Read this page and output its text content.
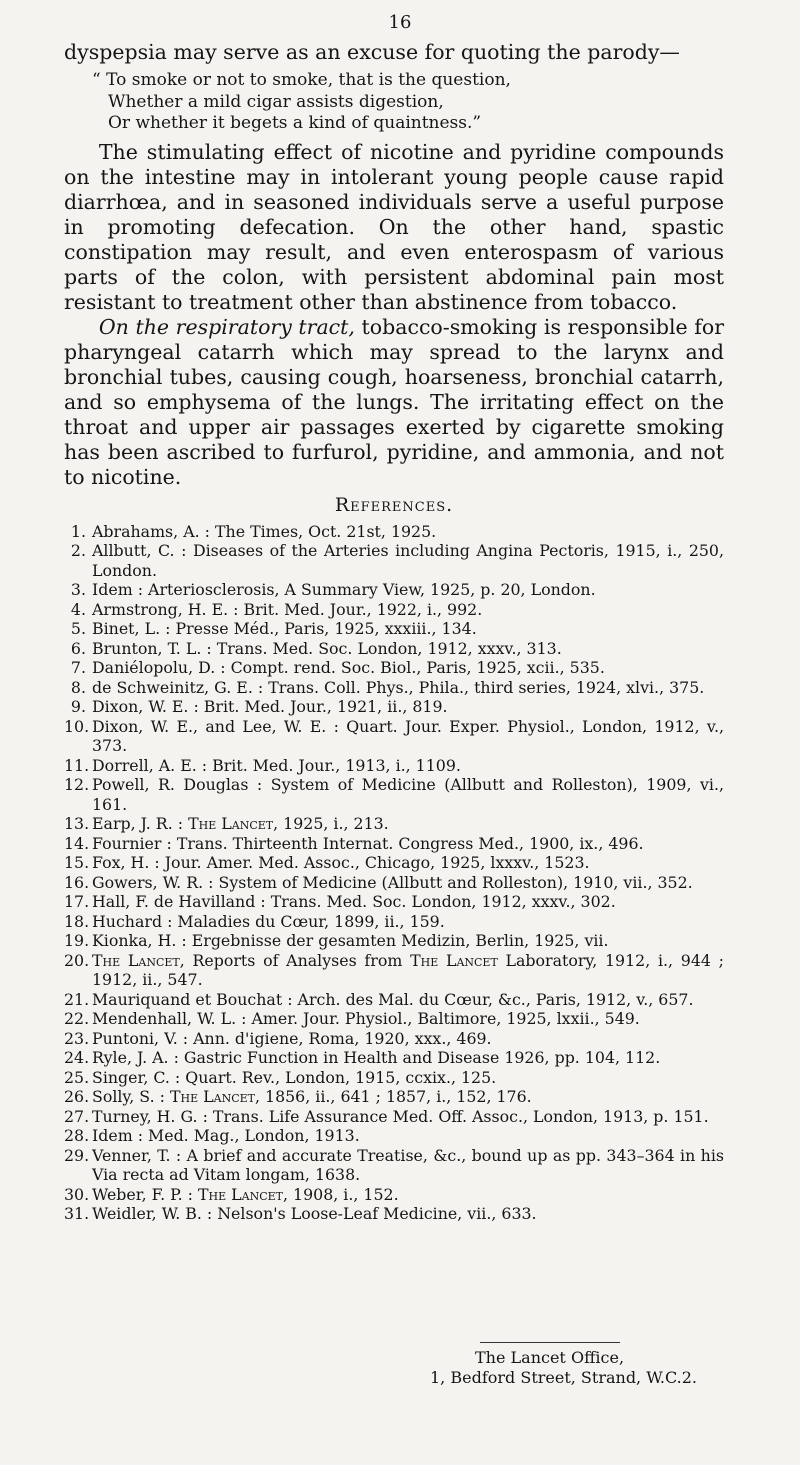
16

dyspepsia may serve as an excuse for quoting the parody—

“ To smoke or not to smoke, that is the question,
Whether a mild cigar assists digestion,
Or whether it begets a kind of quaintness.”

The stimulating effect of nicotine and pyridine compounds on the intestine may in intolerant young people cause rapid diarrhœa, and in seasoned individuals serve a useful purpose in promoting defecation. On the other hand, spastic constipation may result, and even enterospasm of various parts of the colon, with persistent abdominal pain most resistant to treatment other than abstinence from tobacco.

On the respiratory tract, tobacco-smoking is responsible for pharyngeal catarrh which may spread to the larynx and bronchial tubes, causing cough, hoarseness, bronchial catarrh, and so emphysema of the lungs. The irritating effect on the throat and upper air passages exerted by cigarette smoking has been ascribed to furfurol, pyridine, and ammonia, and not to nicotine.

References.
1. Abrahams, A. : The Times, Oct. 21st, 1925.
2. Allbutt, C. : Diseases of the Arteries including Angina Pectoris, 1915, i., 250, London.
3. Idem : Arteriosclerosis, A Summary View, 1925, p. 20, London.
4. Armstrong, H. E. : Brit. Med. Jour., 1922, i., 992.
5. Binet, L. : Presse Méd., Paris, 1925, xxxiii., 134.
6. Brunton, T. L. : Trans. Med. Soc. London, 1912, xxxv., 313.
7. Daniélopolu, D. : Compt. rend. Soc. Biol., Paris, 1925, xcii., 535.
8. de Schweinitz, G. E. : Trans. Coll. Phys., Phila., third series, 1924, xlvi., 375.
9. Dixon, W. E. : Brit. Med. Jour., 1921, ii., 819.
10. Dixon, W. E., and Lee, W. E. : Quart. Jour. Exper. Physiol., London, 1912, v., 373.
11. Dorrell, A. E. : Brit. Med. Jour., 1913, i., 1109.
12. Powell, R. Douglas : System of Medicine (Allbutt and Rolleston), 1909, vi., 161.
13. Earp, J. R. : The Lancet, 1925, i., 213.
14. Fournier : Trans. Thirteenth Internat. Congress Med., 1900, ix., 496.
15. Fox, H. : Jour. Amer. Med. Assoc., Chicago, 1925, lxxxv., 1523.
16. Gowers, W. R. : System of Medicine (Allbutt and Rolleston), 1910, vii., 352.
17. Hall, F. de Havilland : Trans. Med. Soc. London, 1912, xxxv., 302.
18. Huchard : Maladies du Cœur, 1899, ii., 159.
19. Kionka, H. : Ergebnisse der gesamten Medizin, Berlin, 1925, vii.
20. The Lancet, Reports of Analyses from The Lancet Laboratory, 1912, i., 944 ; 1912, ii., 547.
21. Mauriquand et Bouchat : Arch. des Mal. du Cœur, &c., Paris, 1912, v., 657.
22. Mendenhall, W. L. : Amer. Jour. Physiol., Baltimore, 1925, lxxii., 549.
23. Puntoni, V. : Ann. d'igiene, Roma, 1920, xxx., 469.
24. Ryle, J. A. : Gastric Function in Health and Disease 1926, pp. 104, 112.
25. Singer, C. : Quart. Rev., London, 1915, ccxix., 125.
26. Solly, S. : The Lancet, 1856, ii., 641 ; 1857, i., 152, 176.
27. Turney, H. G. : Trans. Life Assurance Med. Off. Assoc., London, 1913, p. 151.
28. Idem : Med. Mag., London, 1913.
29. Venner, T. : A brief and accurate Treatise, &c., bound up as pp. 343–364 in his Via recta ad Vitam longam, 1638.
30. Weber, F. P. : The Lancet, 1908, i., 152.
31. Weidler, W. B. : Nelson's Loose-Leaf Medicine, vii., 633.
The Lancet Office,
1, Bedford Street, Strand, W.C.2.
